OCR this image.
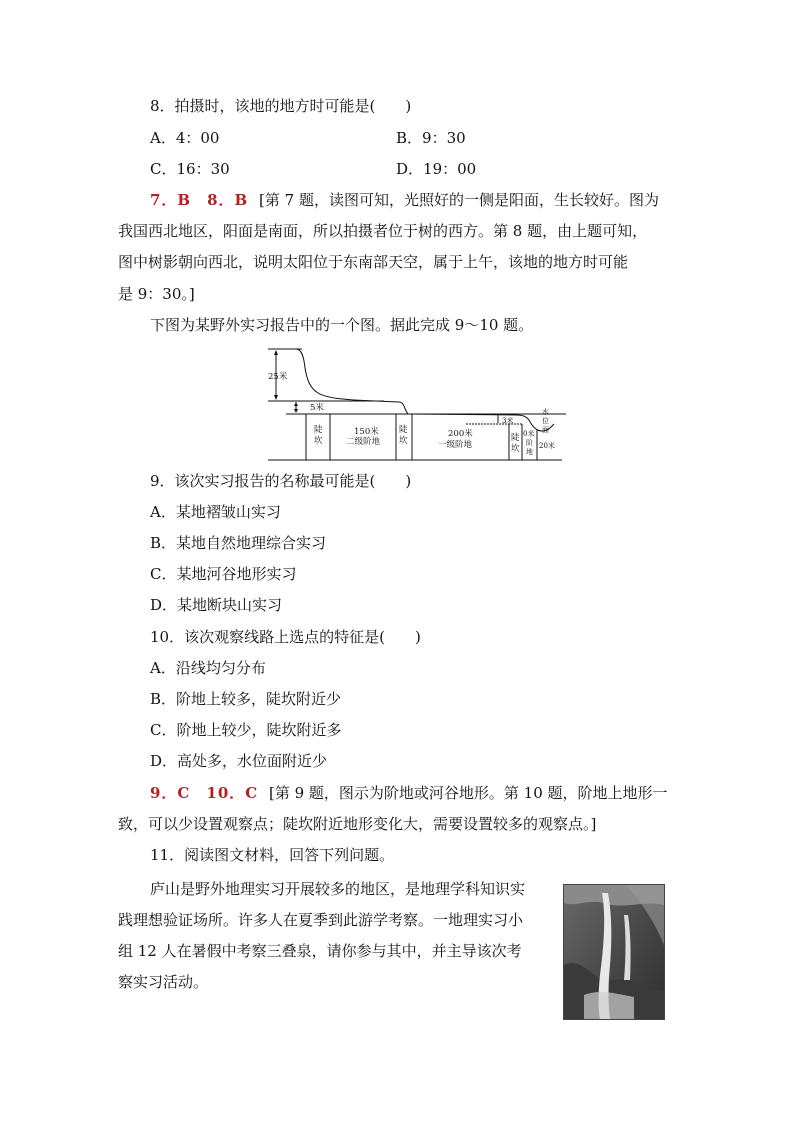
8．拍摄时，该地的地方时可能是(　　)
A．4：00	B．9：30
C．16：30	D．19：00
7．B　8．B [第 7 题，读图可知，光照好的一侧是阳面，生长较好。图为
我国西北地区，阳面是南面，所以拍摄者位于树的西方。第 8 题，由上题可知，
图中树影朝向西北，说明太阳位于东南部天空，属于上午，该地的地方时可能
是 9：30。]
下图为某野外实习报告中的一个图。据此完成 9～10 题。
25米
5米
3米
陡
坎
150米
二级阶地
陡
坎
200米
一级阶地
陡
坎
0米
阶
地
水
位
面
20米
9．该次实习报告的名称最可能是(　　)
A．某地褶皱山实习
B．某地自然地理综合实习
C．某地河谷地形实习
D．某地断块山实习
10．该次观察线路上选点的特征是(　　)
A．沿线均匀分布
B．阶地上较多，陡坎附近少
C．阶地上较少，陡坎附近多
D．高处多，水位面附近少
9．C　10．C [第 9 题，图示为阶地或河谷地形。第 10 题，阶地上地形一
致，可以少设置观察点；陡坎附近地形变化大，需要设置较多的观察点。]
11．阅读图文材料，回答下列问题。
庐山是野外地理实习开展较多的地区，是地理学科知识实
践理想验证场所。许多人在夏季到此游学考察。一地理实习小
组 12 人在暑假中考察三叠泉，请你参与其中，并主导该次考
察实习活动。
